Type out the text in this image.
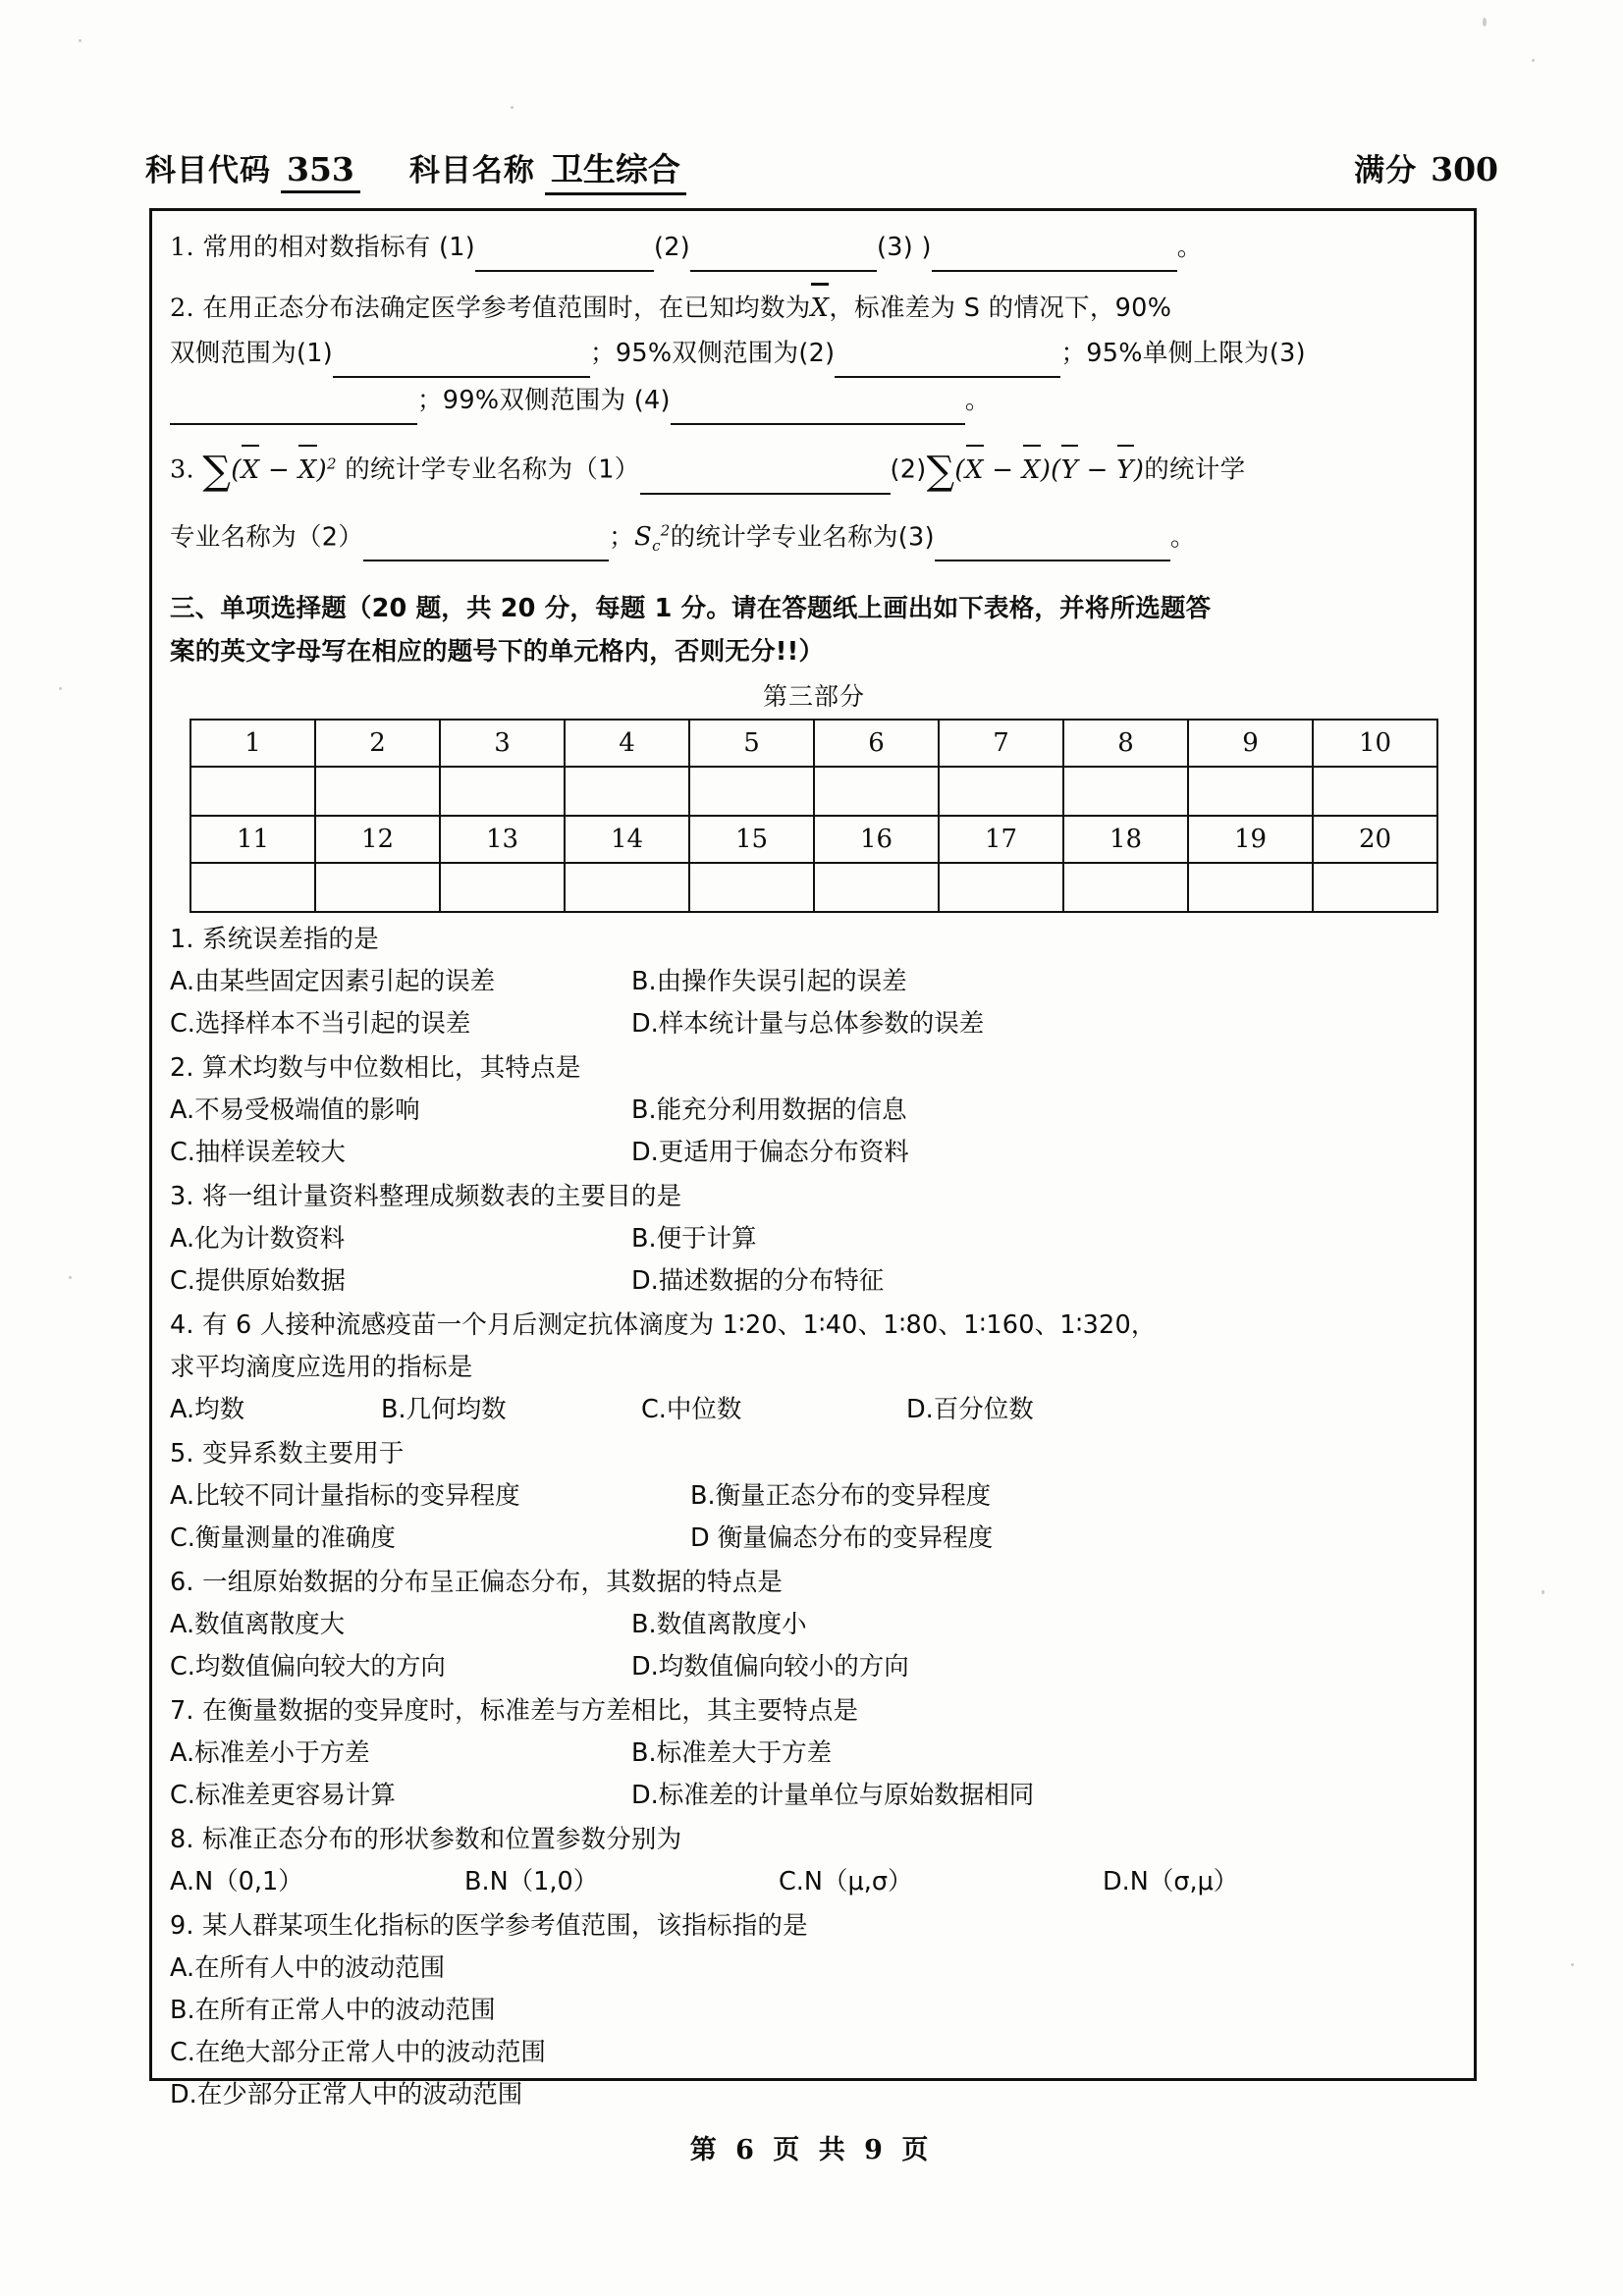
科目代码 353 科目名称 卫生综合	满分 300
1. 常用的相对数指标有 (1)	(2)	(3) )	。
2. 在用正态分布法确定医学参考值范围时，在已知均数为X，标准差为 S 的情况下，90%
双侧范围为(1)	；95%双侧范围为(2)	；95%单侧上限为(3)
；99%双侧范围为 (4)	。
3. $\sum(X - X)^2$ 的统计学专业名称为（1）	(2)∑(X − X)(Y − Y)的统计学
专业名称为（2）	；$S_c^2$的统计学专业名称为(3)	。
三、单项选择题（20 题，共 20 分，每题 1 分。请在答题纸上画出如下表格，并将所选题答
案的英文字母写在相应的题号下的单元格内，否则无分!!）
第三部分
1	2	3	4	5	6	7	8	9	10

11	12	13	14	15	16	17	18	19	20

1. 系统误差指的是
A.由某些固定因素引起的误差	B.由操作失误引起的误差
C.选择样本不当引起的误差	D.样本统计量与总体参数的误差
2. 算术均数与中位数相比，其特点是
A.不易受极端值的影响	B.能充分利用数据的信息
C.抽样误差较大	D.更适用于偏态分布资料
3. 将一组计量资料整理成频数表的主要目的是
A.化为计数资料	B.便于计算
C.提供原始数据	D.描述数据的分布特征
4. 有 6 人接种流感疫苗一个月后测定抗体滴度为 1∶20、1∶40、1∶80、1∶160、1∶320，
求平均滴度应选用的指标是
A.均数	B.几何均数	C.中位数	D.百分位数
5. 变异系数主要用于
A.比较不同计量指标的变异程度	B.衡量正态分布的变异程度
C.衡量测量的准确度	D 衡量偏态分布的变异程度
6. 一组原始数据的分布呈正偏态分布，其数据的特点是
A.数值离散度大	B.数值离散度小
C.均数值偏向较大的方向	D.均数值偏向较小的方向
7. 在衡量数据的变异度时，标准差与方差相比，其主要特点是
A.标准差小于方差	B.标准差大于方差
C.标准差更容易计算	D.标准差的计量单位与原始数据相同
8. 标准正态分布的形状参数和位置参数分别为
A.N（0,1）	B.N（1,0）	C.N（μ,σ）	D.N（σ,μ）
9. 某人群某项生化指标的医学参考值范围，该指标指的是
A.在所有人中的波动范围
B.在所有正常人中的波动范围
C.在绝大部分正常人中的波动范围
D.在少部分正常人中的波动范围
第 6 页 共 9 页
